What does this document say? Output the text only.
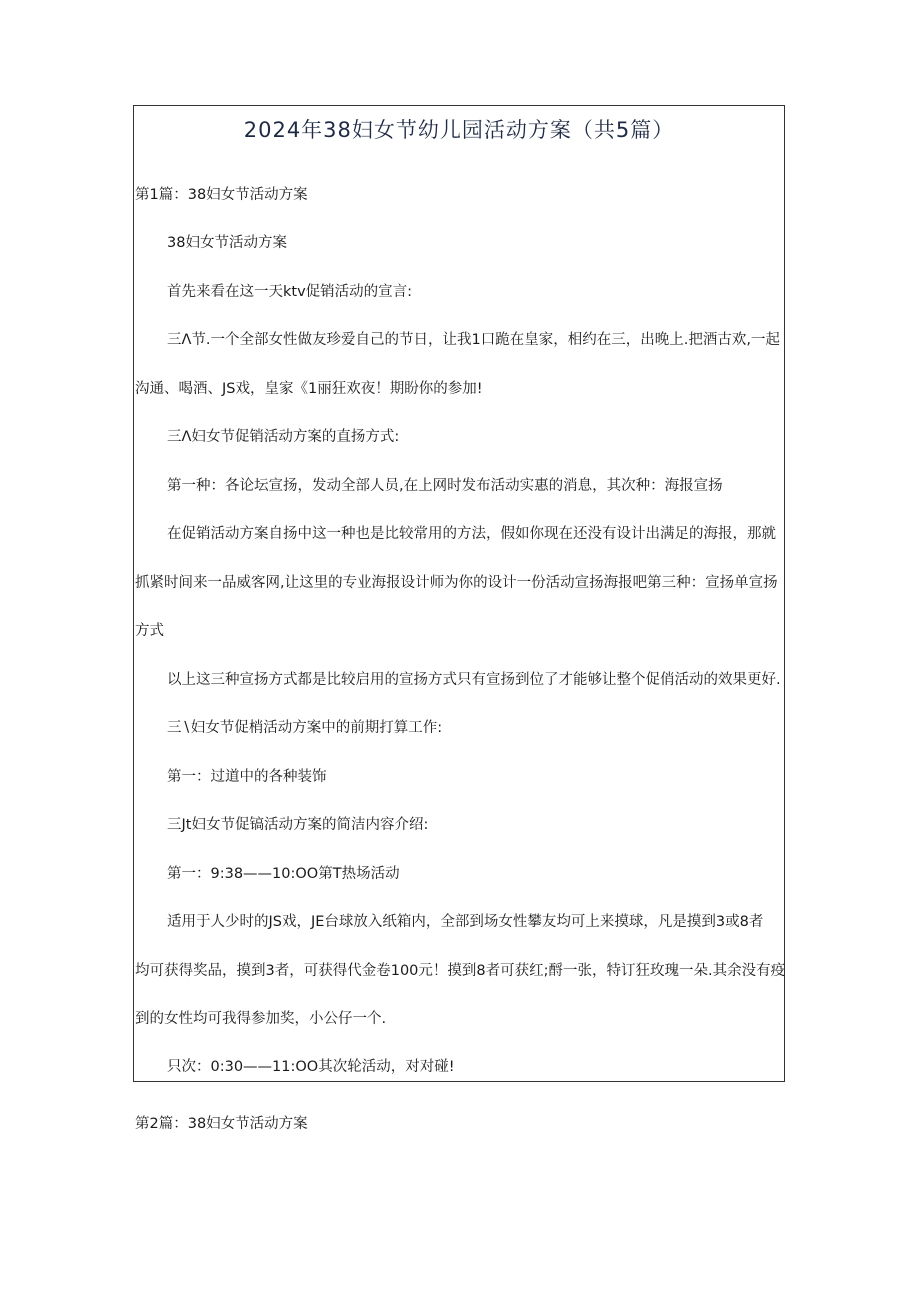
2024年38妇女节幼儿园活动方案（共5篇）

第1篇：38妇女节活动方案

38妇女节活动方案

首先来看在这一天ktv促销活动的宣言:

三Λ节.一个全部女性做友珍爱自己的节日，让我1口跪在皇家，相约在三，出晚上.把酒古欢,一起

沟通、喝酒、JS戏，皇家《1丽狂欢夜！期盼你的参加!

三Λ妇女节促销活动方案的直扬方式:

第一种：各论坛宣扬，发动全部人员,在上网时发布活动实惠的消息，其次种：海报宣扬

在促销活动方案自扬中这一种也是比较常用的方法，假如你现在还没有设计出满足的海报，那就

抓紧时间来一品威客网,让这里的专业海报设计师为你的设计一份活动宣扬海报吧第三种：宣扬单宣扬

方式

以上这三种宣扬方式都是比较启用的宣扬方式只有宣扬到位了才能够让整个促俏活动的效果更好.

三∖妇女节促梢活动方案中的前期打算工作:

第一：过道中的各种装饰

三Jt妇女节促镐活动方案的简洁内容介绍:

第一：9:38——10:OO第T热场活动

适用于人少时的JS戏，JE台球放入纸箱内，全部到场女性攀友均可上来摸球，凡是摸到3或8者

均可获得奖品，摸到3者，可获得代金卷100元！摸到8者可获红;酹一张，特订狂玫瑰一朵.其余没有疫

到的女性均可我得参加奖，小公仔一个.

只次：0:30——11:OO其次轮活动，对对碰!

第2篇：38妇女节活动方案
